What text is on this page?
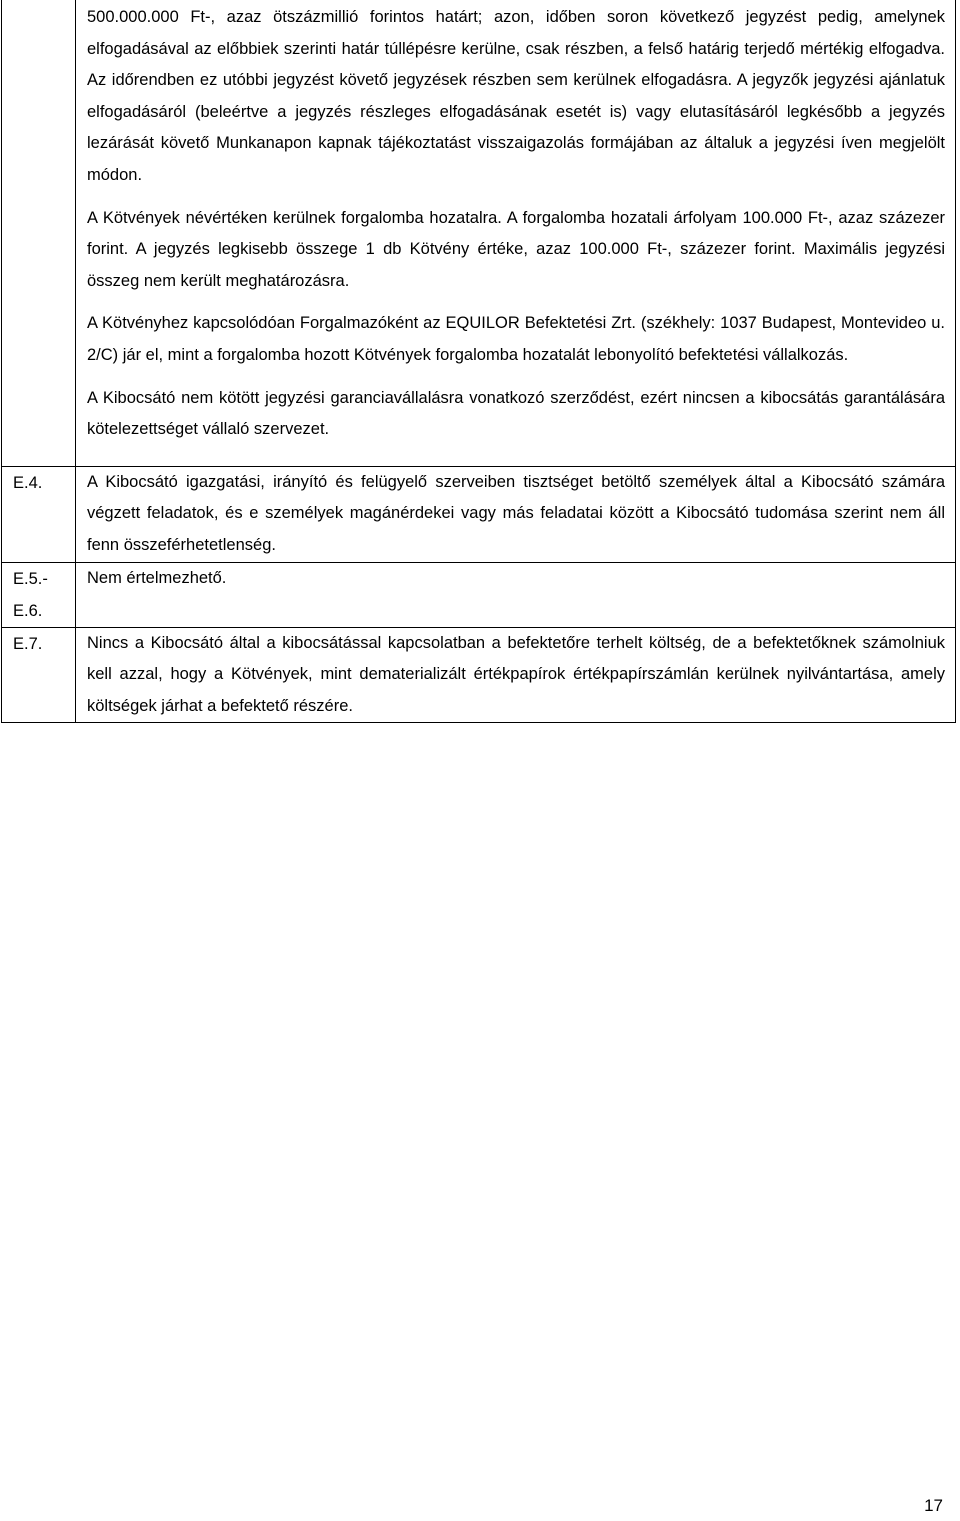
	500.000.000 Ft-, azaz ötszázmillió forintos határt; azon, időben soron következő jegyzést pedig, amelynek elfogadásával az előbbiek szerinti határ túllépésre kerülne, csak részben, a felső határig terjedő mértékig elfogadva. Az időrendben ez utóbbi jegyzést követő jegyzések részben sem kerülnek elfogadásra. A jegyzők jegyzési ajánlatuk elfogadásáról (beleértve a jegyzés részleges elfogadásának esetét is) vagy elutasításáról legkésőbb a jegyzés lezárását követő Munkanapon kapnak tájékoztatást visszaigazolás formájában az általuk a jegyzési íven megjelölt módon.

A Kötvények névértéken kerülnek forgalomba hozatalra. A forgalomba hozatali árfolyam 100.000 Ft-, azaz százezer forint. A jegyzés legkisebb összege 1 db Kötvény értéke, azaz 100.000 Ft-, százezer forint. Maximális jegyzési összeg nem került meghatározásra.

A Kötvényhez kapcsolódóan Forgalmazóként az EQUILOR Befektetési Zrt. (székhely: 1037 Budapest, Montevideo u. 2/C) jár el, mint a forgalomba hozott Kötvények forgalomba hozatalát lebonyolító befektetési vállalkozás.

A Kibocsátó nem kötött jegyzési garanciavállalásra vonatkozó szerződést, ezért nincsen a kibocsátás garantálására kötelezettséget vállaló szervezet.

E.4.	A Kibocsátó igazgatási, irányító és felügyelő szerveiben tisztséget betöltő személyek által a Kibocsátó számára végzett feladatok, és e személyek magánérdekei vagy más feladatai között a Kibocsátó tudomása szerint nem áll fenn összeférhetetlenség.

E.5.- E.6.	Nem értelmezhető.

E.7.	Nincs a Kibocsátó által a kibocsátással kapcsolatban a befektetőre terhelt költség, de a befektetőknek számolniuk kell azzal, hogy a Kötvények, mint dematerializált értékpapírok értékpapírszámlán kerülnek nyilvántartása, amely költségek járhat a befektető részére.

17
